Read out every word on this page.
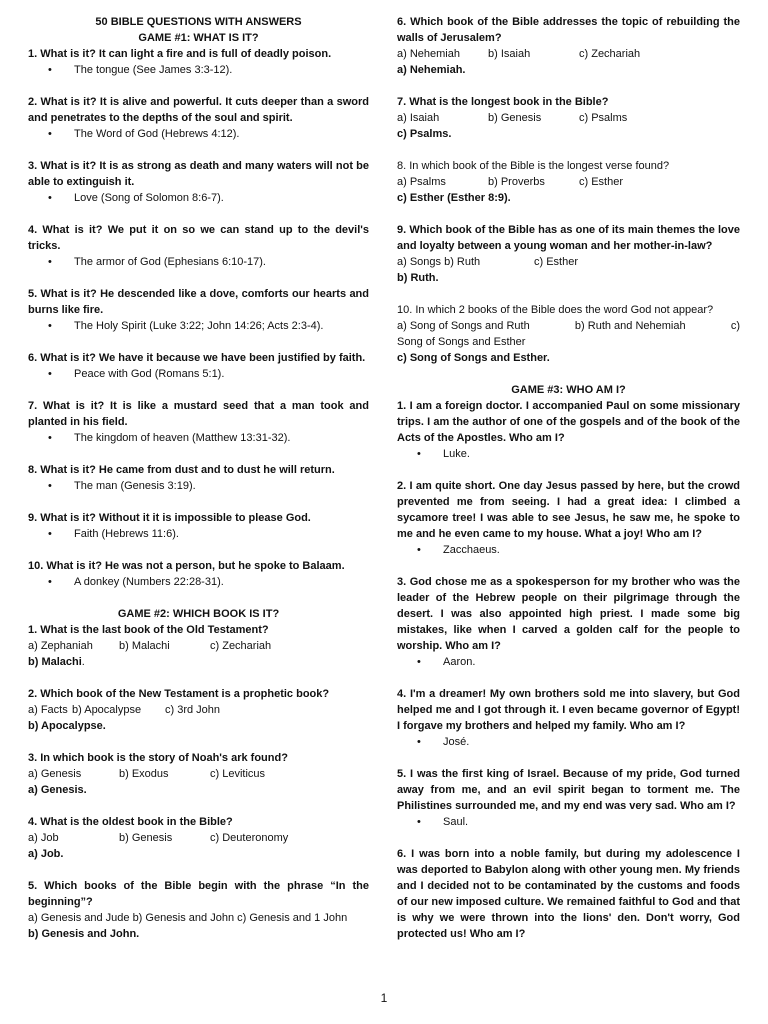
50 BIBLE QUESTIONS WITH ANSWERS
GAME #1: WHAT IS IT?
1. What is it? It can light a fire and is full of deadly poison.
•	The tongue (See James 3:3-12).
2. What is it? It is alive and powerful. It cuts deeper than a sword and penetrates to the depths of the soul and spirit.
•	The Word of God (Hebrews 4:12).
3. What is it? It is as strong as death and many waters will not be able to extinguish it.
•	Love (Song of Solomon 8:6-7).
4. What is it? We put it on so we can stand up to the devil's tricks.
•	The armor of God (Ephesians 6:10-17).
5. What is it? He descended like a dove, comforts our hearts and burns like fire.
•	The Holy Spirit (Luke 3:22; John 14:26; Acts 2:3-4).
6. What is it? We have it because we have been justified by faith.
•	Peace with God (Romans 5:1).
7. What is it? It is like a mustard seed that a man took and planted in his field.
•	The kingdom of heaven (Matthew 13:31-32).
8. What is it? He came from dust and to dust he will return.
•	The man (Genesis 3:19).
9. What is it? Without it it is impossible to please God.
•	Faith (Hebrews 11:6).
10. What is it? He was not a person, but he spoke to Balaam.
•	A donkey (Numbers 22:28-31).
GAME #2: WHICH BOOK IS IT?
1. What is the last book of the Old Testament?
a) Zephaniah	b) Malachi	c) Zechariah
b) Malachi.
2. Which book of the New Testament is a prophetic book?
a) Facts b) Apocalypse	c) 3rd John
b) Apocalypse.
3. In which book is the story of Noah's ark found?
a) Genesis	b) Exodus	c) Leviticus
a) Genesis.
4. What is the oldest book in the Bible?
a) Job	b) Genesis	c) Deuteronomy
a) Job.
5. Which books of the Bible begin with the phrase “In the beginning”?
a) Genesis and Jude b) Genesis and John c) Genesis and 1 John
b) Genesis and John.
6. Which book of the Bible addresses the topic of rebuilding the walls of Jerusalem?
a) Nehemiah	b) Isaiah	c) Zechariah
a) Nehemiah.
7. What is the longest book in the Bible?
a) Isaiah	b) Genesis	c) Psalms
c) Psalms.
8. In which book of the Bible is the longest verse found?
a) Psalms	b) Proverbs	c) Esther
c) Esther (Esther 8:9).
9. Which book of the Bible has as one of its main themes the love and loyalty between a young woman and her mother-in-law?
a) Songs b) Ruth	c) Esther
b) Ruth.
10. In which 2 books of the Bible does the word God not appear?
a) Song of Songs and Ruth	b) Ruth and Nehemiah	c)
Song of Songs and Esther
c) Song of Songs and Esther.
GAME #3: WHO AM I?
1. I am a foreign doctor. I accompanied Paul on some missionary trips. I am the author of one of the gospels and of the book of the Acts of the Apostles. Who am I?
•	Luke.
2. I am quite short. One day Jesus passed by here, but the crowd prevented me from seeing. I had a great idea: I climbed a sycamore tree! I was able to see Jesus, he saw me, he spoke to me and he even came to my house. What a joy! Who am I?
•	Zacchaeus.
3. God chose me as a spokesperson for my brother who was the leader of the Hebrew people on their pilgrimage through the desert. I was also appointed high priest. I made some big mistakes, like when I carved a golden calf for the people to worship. Who am I?
•	Aaron.
4. I'm a dreamer! My own brothers sold me into slavery, but God helped me and I got through it. I even became governor of Egypt! I forgave my brothers and helped my family. Who am I?
•	José.
5. I was the first king of Israel. Because of my pride, God turned away from me, and an evil spirit began to torment me. The Philistines surrounded me, and my end was very sad. Who am I?
•	Saul.
6. I was born into a noble family, but during my adolescence I was deported to Babylon along with other young men. My friends and I decided not to be contaminated by the customs and foods of our new imposed culture. We remained faithful to God and that is why we were thrown into the lions' den. Don't worry, God protected us! Who am I?
1
